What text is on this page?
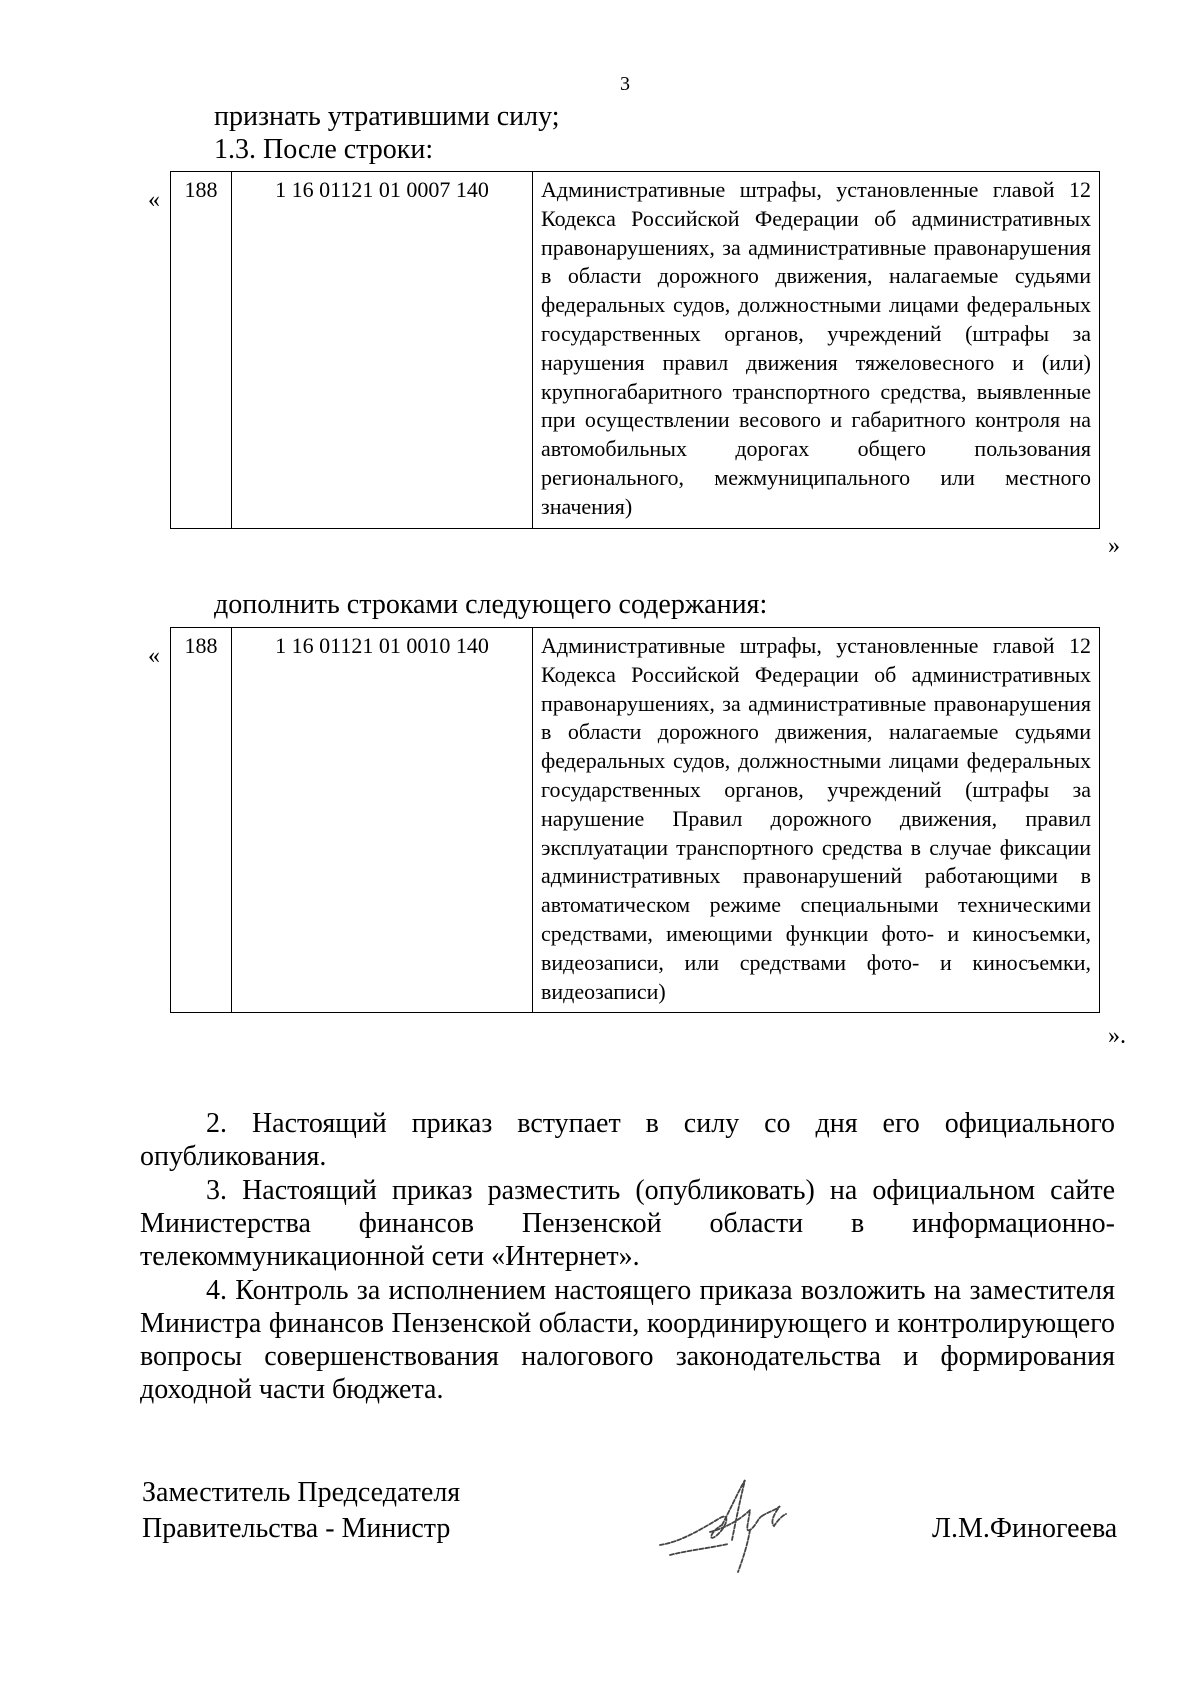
3

признать утратившими силу;

1.3. После строки:

« 188	1 16 01121 01 0007 140	Административные штрафы, установленные главой 12 Кодекса Российской Федерации об административных правонарушениях, за административные правонарушения в области дорожного движения, налагаемые судьями федеральных судов, должностными лицами федеральных государственных органов, учреждений (штрафы за нарушения правил движения тяжеловесного и (или) крупногабаритного транспортного средства, выявленные при осуществлении весового и габаритного контроля на автомобильных дорогах общего пользования регионального, межмуниципального или местного значения)
»

дополнить строками следующего содержания:

« 188	1 16 01121 01 0010 140	Административные штрафы, установленные главой 12 Кодекса Российской Федерации об административных правонарушениях, за административные правонарушения в области дорожного движения, налагаемые судьями федеральных судов, должностными лицами федеральных государственных органов, учреждений (штрафы за нарушение Правил дорожного движения, правил эксплуатации транспортного средства в случае фиксации административных правонарушений работающими в автоматическом режиме специальными техническими средствами, имеющими функции фото- и киносъемки, видеозаписи, или средствами фото- и киносъемки, видеозаписи)
».

2. Настоящий приказ вступает в силу со дня его официального опубликования.

3. Настоящий приказ разместить (опубликовать) на официальном сайте Министерства финансов Пензенской области в информационно-телекоммуникационной сети «Интернет».

4. Контроль за исполнением настоящего приказа возложить на заместителя Министра финансов Пензенской области, координирующего и контролирующего вопросы совершенствования налогового законодательства и формирования доходной части бюджета.

Заместитель Председателя

Правительства - Министр	Л.М.Финогеева
